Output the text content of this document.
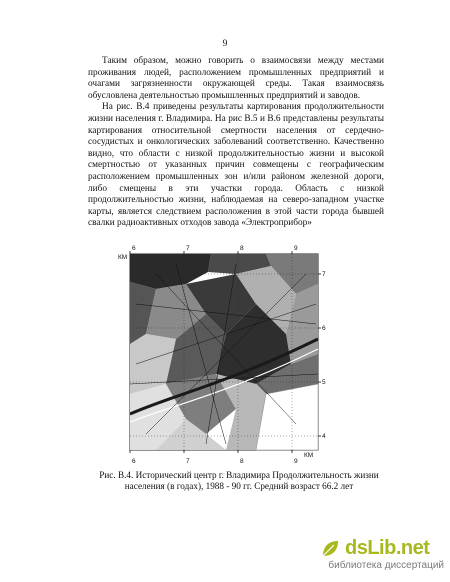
9

Таким образом, можно говорить о взаимосвязи между местами проживания людей, расположением промышленных предприятий и очагами загрязненности окружающей среды. Такая взаимосвязь обусловлена деятельностью промышленных предприятий и заводов.

На рис. В.4 приведены результаты картирования продолжительности жизни населения г. Владимира. На рис В.5 и В.6 представлены результаты картирования относительной смертности населения от сердечно-сосудистых и онкологических заболеваний соответственно. Качественно видно, что области с низкой продолжительностью жизни и высокой смертностью от указанных причин совмещены с географическим расположением промышленных зон и/или районом железной дороги, либо смещены в эти участки города. Область с низкой продолжительностью жизни, наблюдаемая на северо-западном участке карты, является следствием расположения в этой части города бывшей свалки радиоактивных отходов завода «Электроприбор»

6	7	8	9
КМ
7
6
5
4
6	7	8	9
КМ
Рис. В.4. Исторический центр г. Владимира Продолжительность жизни населения (в годах), 1988 - 90 гг. Средний возраст 66.2 лет
dsLib.net
библиотека диссертаций
